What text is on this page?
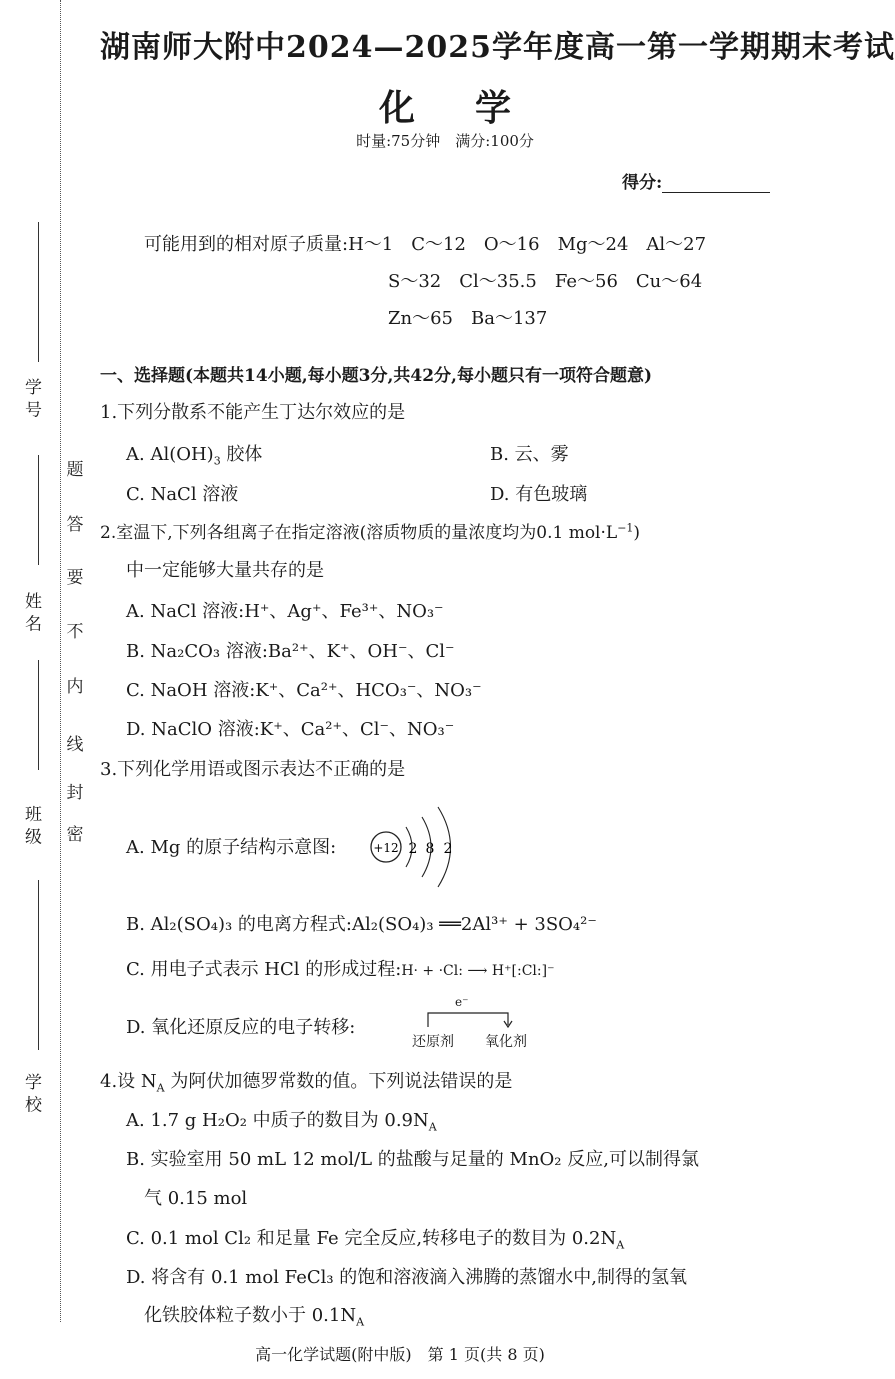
学 号
姓 名
班 级
学 校
密
封
线
内
不
要
答
题
湖南师大附中2024—2025学年度高一第一学期期末考试
化学
时量:75分钟　满分:100分
得分:
可能用到的相对原子质量:H～1　C～12　O～16　Mg～24　Al～27
S～32　Cl～35.5　Fe～56　Cu～64
Zn～65　Ba～137
一、选择题(本题共14小题,每小题3分,共42分,每小题只有一项符合题意)
1.下列分散系不能产生丁达尔效应的是
A. $Al(OH)_3$ 胶体	B. 云、雾
C. NaCl 溶液	D. 有色玻璃
2.室温下,下列各组离子在指定溶液(溶质物质的量浓度均为0.1 $mol\cdot L^{-1}$)
中一定能够大量共存的是
A. NaCl 溶液:H⁺、Ag⁺、Fe³⁺、NO₃⁻
B. Na₂CO₃ 溶液:Ba²⁺、K⁺、OH⁻、Cl⁻
C. NaOH 溶液:K⁺、Ca²⁺、HCO₃⁻、NO₃⁻
D. NaClO 溶液:K⁺、Ca²⁺、Cl⁻、NO₃⁻
3.下列化学用语或图示表达不正确的是
A. Mg 的原子结构示意图:	+12 2 8 2
B. Al₂(SO₄)₃ 的电离方程式:Al₂(SO₄)₃ ══2Al³⁺ + 3SO₄²⁻
C. 用电子式表示 HCl 的形成过程:H· + ·Cl: ⟶ H⁺[:Cl:]⁻
D. 氧化还原反应的电子转移:
e⁻
还原剂 氧化剂
4.设 $N_A$ 为阿伏加德罗常数的值。下列说法错误的是
A. 1.7 g H₂O₂ 中质子的数目为 $0.9N_A$
B. 实验室用 50 mL 12 mol/L 的盐酸与足量的 MnO₂ 反应,可以制得氯
气 0.15 mol
C. 0.1 mol Cl₂ 和足量 Fe 完全反应,转移电子的数目为 $0.2N_A$
D. 将含有 0.1 mol FeCl₃ 的饱和溶液滴入沸腾的蒸馏水中,制得的氢氧
化铁胶体粒子数小于 $0.1N_A$
高一化学试题(附中版)　第 1 页(共 8 页)
